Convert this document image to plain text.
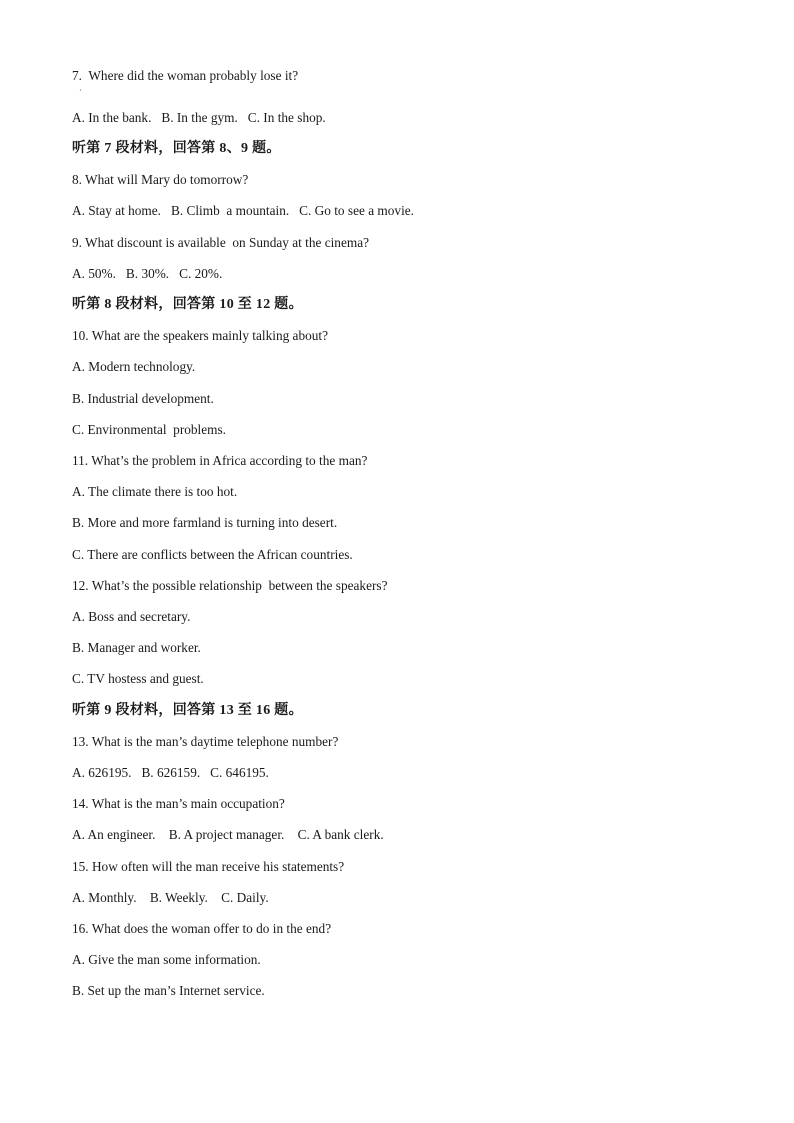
7.  Where did the woman probably lose it?
·
A. In the bank.   B. In the gym.   C. In the shop.
听第 7 段材料，回答第 8、9 题。
8. What will Mary do tomorrow?
A. Stay at home.   B. Climb  a mountain.   C. Go to see a movie.
9. What discount is available  on Sunday at the cinema?
A. 50%.   B. 30%.   C. 20%.
听第 8 段材料，回答第 10 至 12 题。
10. What are the speakers mainly talking about?
A. Modern technology.
B. Industrial development.
C. Environmental  problems.
11. What’s the problem in Africa according to the man?
A. The climate there is too hot.
B. More and more farmland is turning into desert.
C. There are conflicts between the African countries.
12. What’s the possible relationship  between the speakers?
A. Boss and secretary.
B. Manager and worker.
C. TV hostess and guest.
听第 9 段材料，回答第 13 至 16 题。
13. What is the man’s daytime telephone number?
A. 626195.   B. 626159.   C. 646195.
14. What is the man’s main occupation?
A. An engineer.    B. A project manager.    C. A bank clerk.
15. How often will the man receive his statements?
A. Monthly.    B. Weekly.    C. Daily.
16. What does the woman offer to do in the end?
A. Give the man some information.
B. Set up the man’s Internet service.
